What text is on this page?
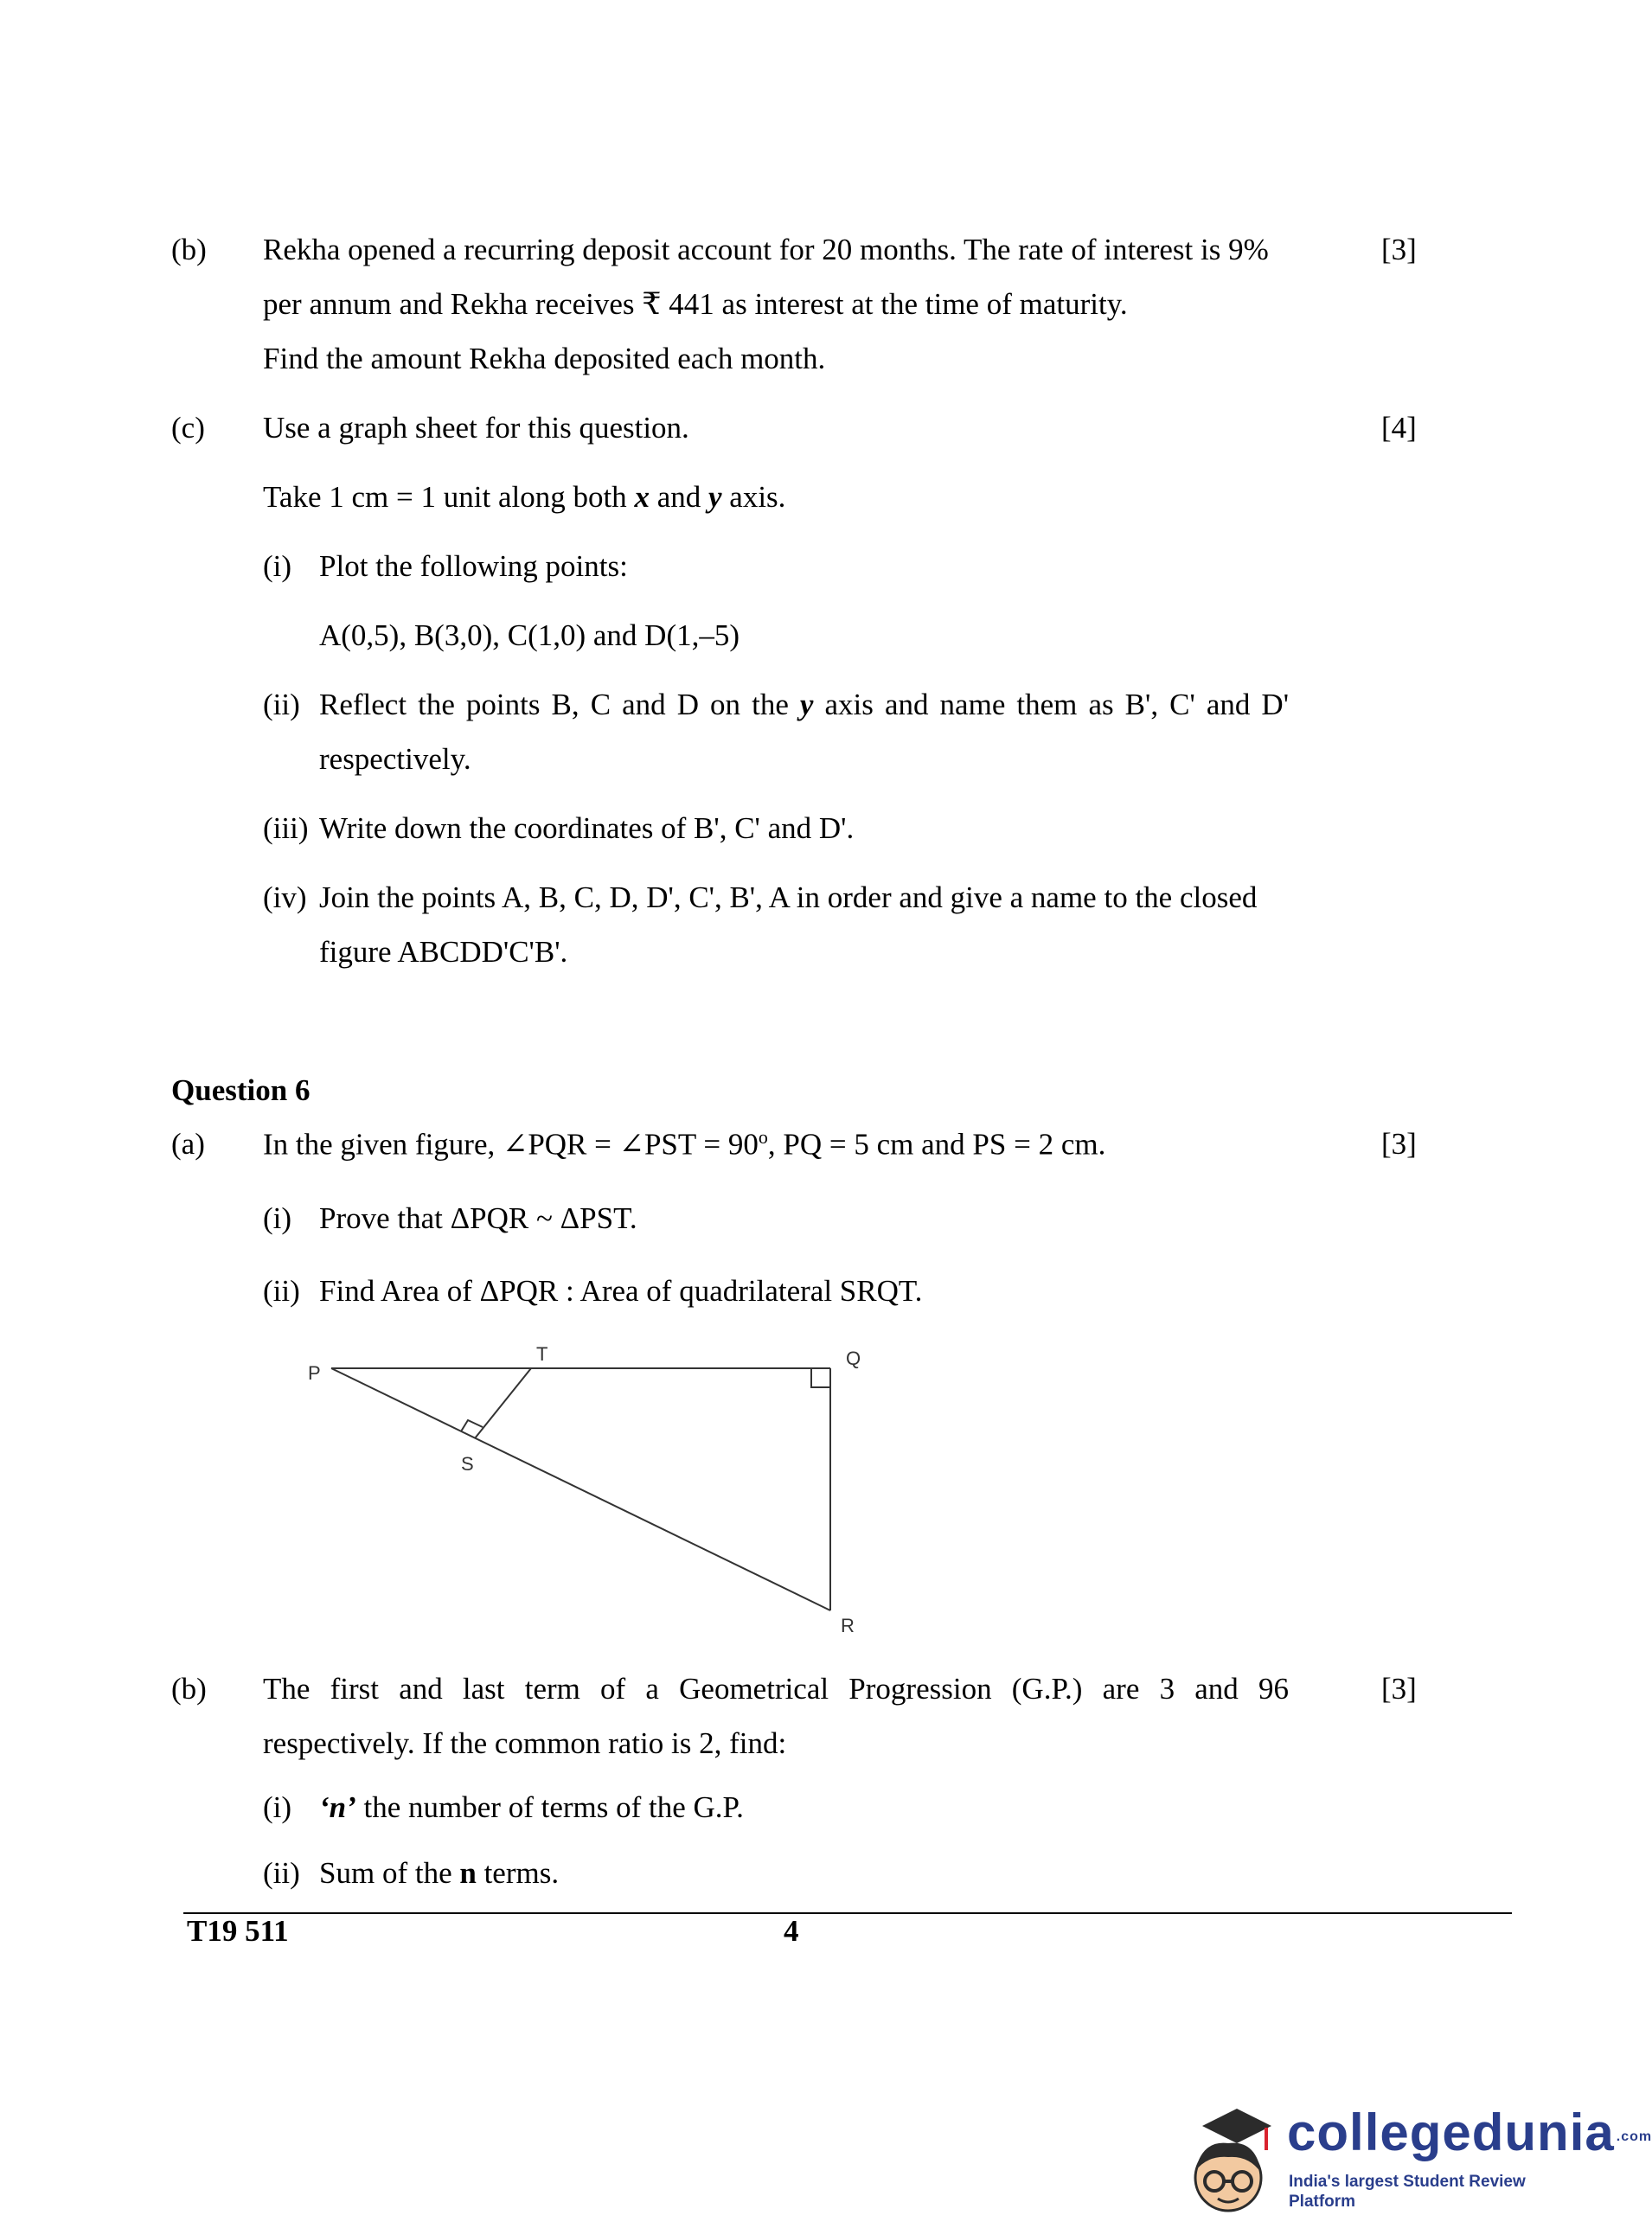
(b) Rekha opened a recurring deposit account for 20 months. The rate of interest is 9%	[3]
per annum and Rekha receives ₹ 441 as interest at the time of maturity.
Find the amount Rekha deposited each month.
(c) Use a graph sheet for this question.	[4]
Take 1 cm = 1 unit along both x and y axis.
(i) Plot the following points:
A(0,5), B(3,0), C(1,0) and D(1,–5)
(ii) Reflect the points B, C and D on the y axis and name them as B', C' and D'
respectively.
(iii) Write down the coordinates of B', C' and D'.
(iv) Join the points A, B, C, D, D', C', B', A in order and give a name to the closed
figure ABCDD'C'B'.
Question 6
(a) In the given figure, ∠PQR = ∠PST = $90^o$, PQ = 5 cm and PS = 2 cm.	[3]
(i) Prove that ΔPQR ~ ΔPST.
(ii) Find Area of ΔPQR : Area of quadrilateral SRQT.
P
T	Q
S
R
(b) The first and last term of a Geometrical Progression (G.P.) are 3 and 96	[3]
respectively. If the common ratio is 2, find:
(i) ‘n’ the number of terms of the G.P.
(ii) Sum of the n terms.
T19 511	4
collegedunia .com
India's largest Student Review Platform
